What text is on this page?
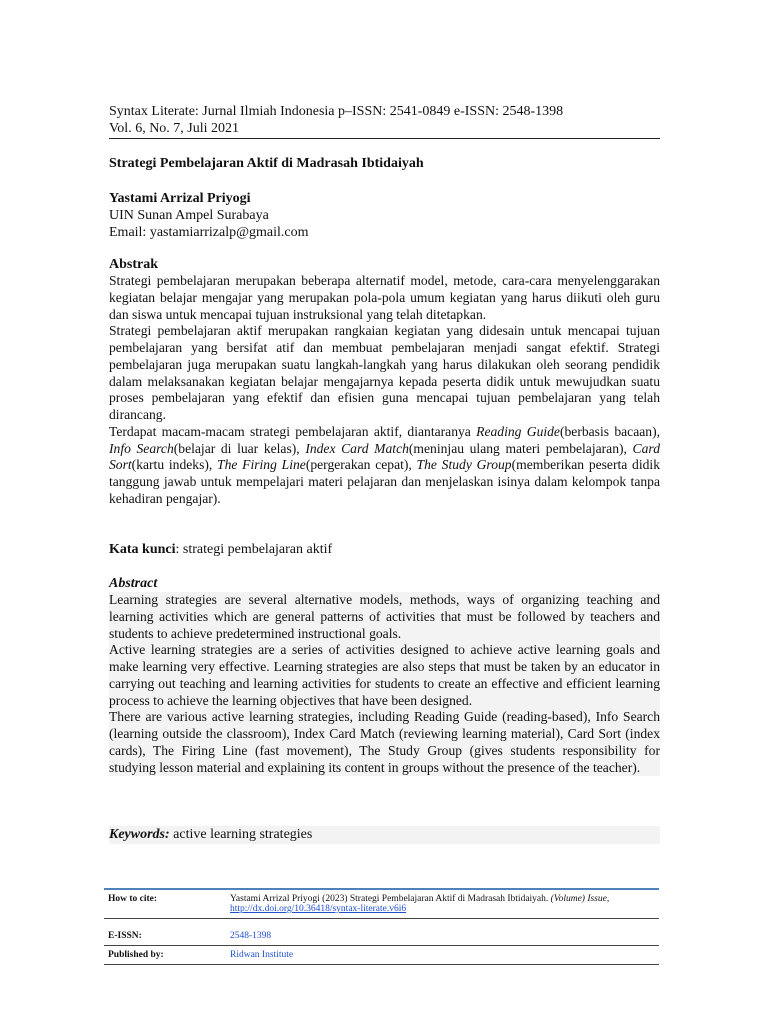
Syntax Literate: Jurnal Ilmiah Indonesia p–ISSN: 2541-0849 e-ISSN: 2548-1398
Vol. 6, No. 7, Juli 2021
Strategi Pembelajaran Aktif di Madrasah Ibtidaiyah
Yastami Arrizal Priyogi
UIN Sunan Ampel Surabaya
Email: yastamiarrizalp@gmail.com
Abstrak

Strategi pembelajaran merupakan beberapa alternatif model, metode, cara-cara menyelenggarakan kegiatan belajar mengajar yang merupakan pola-pola umum kegiatan yang harus diikuti oleh guru dan siswa untuk mencapai tujuan instruksional yang telah ditetapkan.

Strategi pembelajaran aktif merupakan rangkaian kegiatan yang didesain untuk mencapai tujuan pembelajaran yang bersifat atif dan membuat pembelajaran menjadi sangat efektif. Strategi pembelajaran juga merupakan suatu langkah-langkah yang harus dilakukan oleh seorang pendidik dalam melaksanakan kegiatan belajar mengajarnya kepada peserta didik untuk mewujudkan suatu proses pembelajaran yang efektif dan efisien guna mencapai tujuan pembelajaran yang telah dirancang.

Terdapat macam-macam strategi pembelajaran aktif, diantaranya Reading Guide(berbasis bacaan), Info Search(belajar di luar kelas), Index Card Match(meninjau ulang materi pembelajaran), Card Sort(kartu indeks), The Firing Line(pergerakan cepat), The Study Group(memberikan peserta didik tanggung jawab untuk mempelajari materi pelajaran dan menjelaskan isinya dalam kelompok tanpa kehadiran pengajar).

Kata kunci: strategi pembelajaran aktif
Abstract

Learning strategies are several alternative models, methods, ways of organizing teaching and learning activities which are general patterns of activities that must be followed by teachers and students to achieve predetermined instructional goals.

Active learning strategies are a series of activities designed to achieve active learning goals and make learning very effective. Learning strategies are also steps that must be taken by an educator in carrying out teaching and learning activities for students to create an effective and efficient learning process to achieve the learning objectives that have been designed.

There are various active learning strategies, including Reading Guide (reading-based), Info Search (learning outside the classroom), Index Card Match (reviewing learning material), Card Sort (index cards), The Firing Line (fast movement), The Study Group (gives students responsibility for studying lesson material and explaining its content in groups without the presence of the teacher).

Keywords: active learning strategies
How to cite:	Yastami Arrizal Priyogi (2023) Strategi Pembelajaran Aktif di Madrasah Ibtidaiyah. (Volume) Issue,
http://dx.doi.org/10.36418/syntax-literate.v6i6
E-ISSN:	2548-1398
Published by:	Ridwan Institute
